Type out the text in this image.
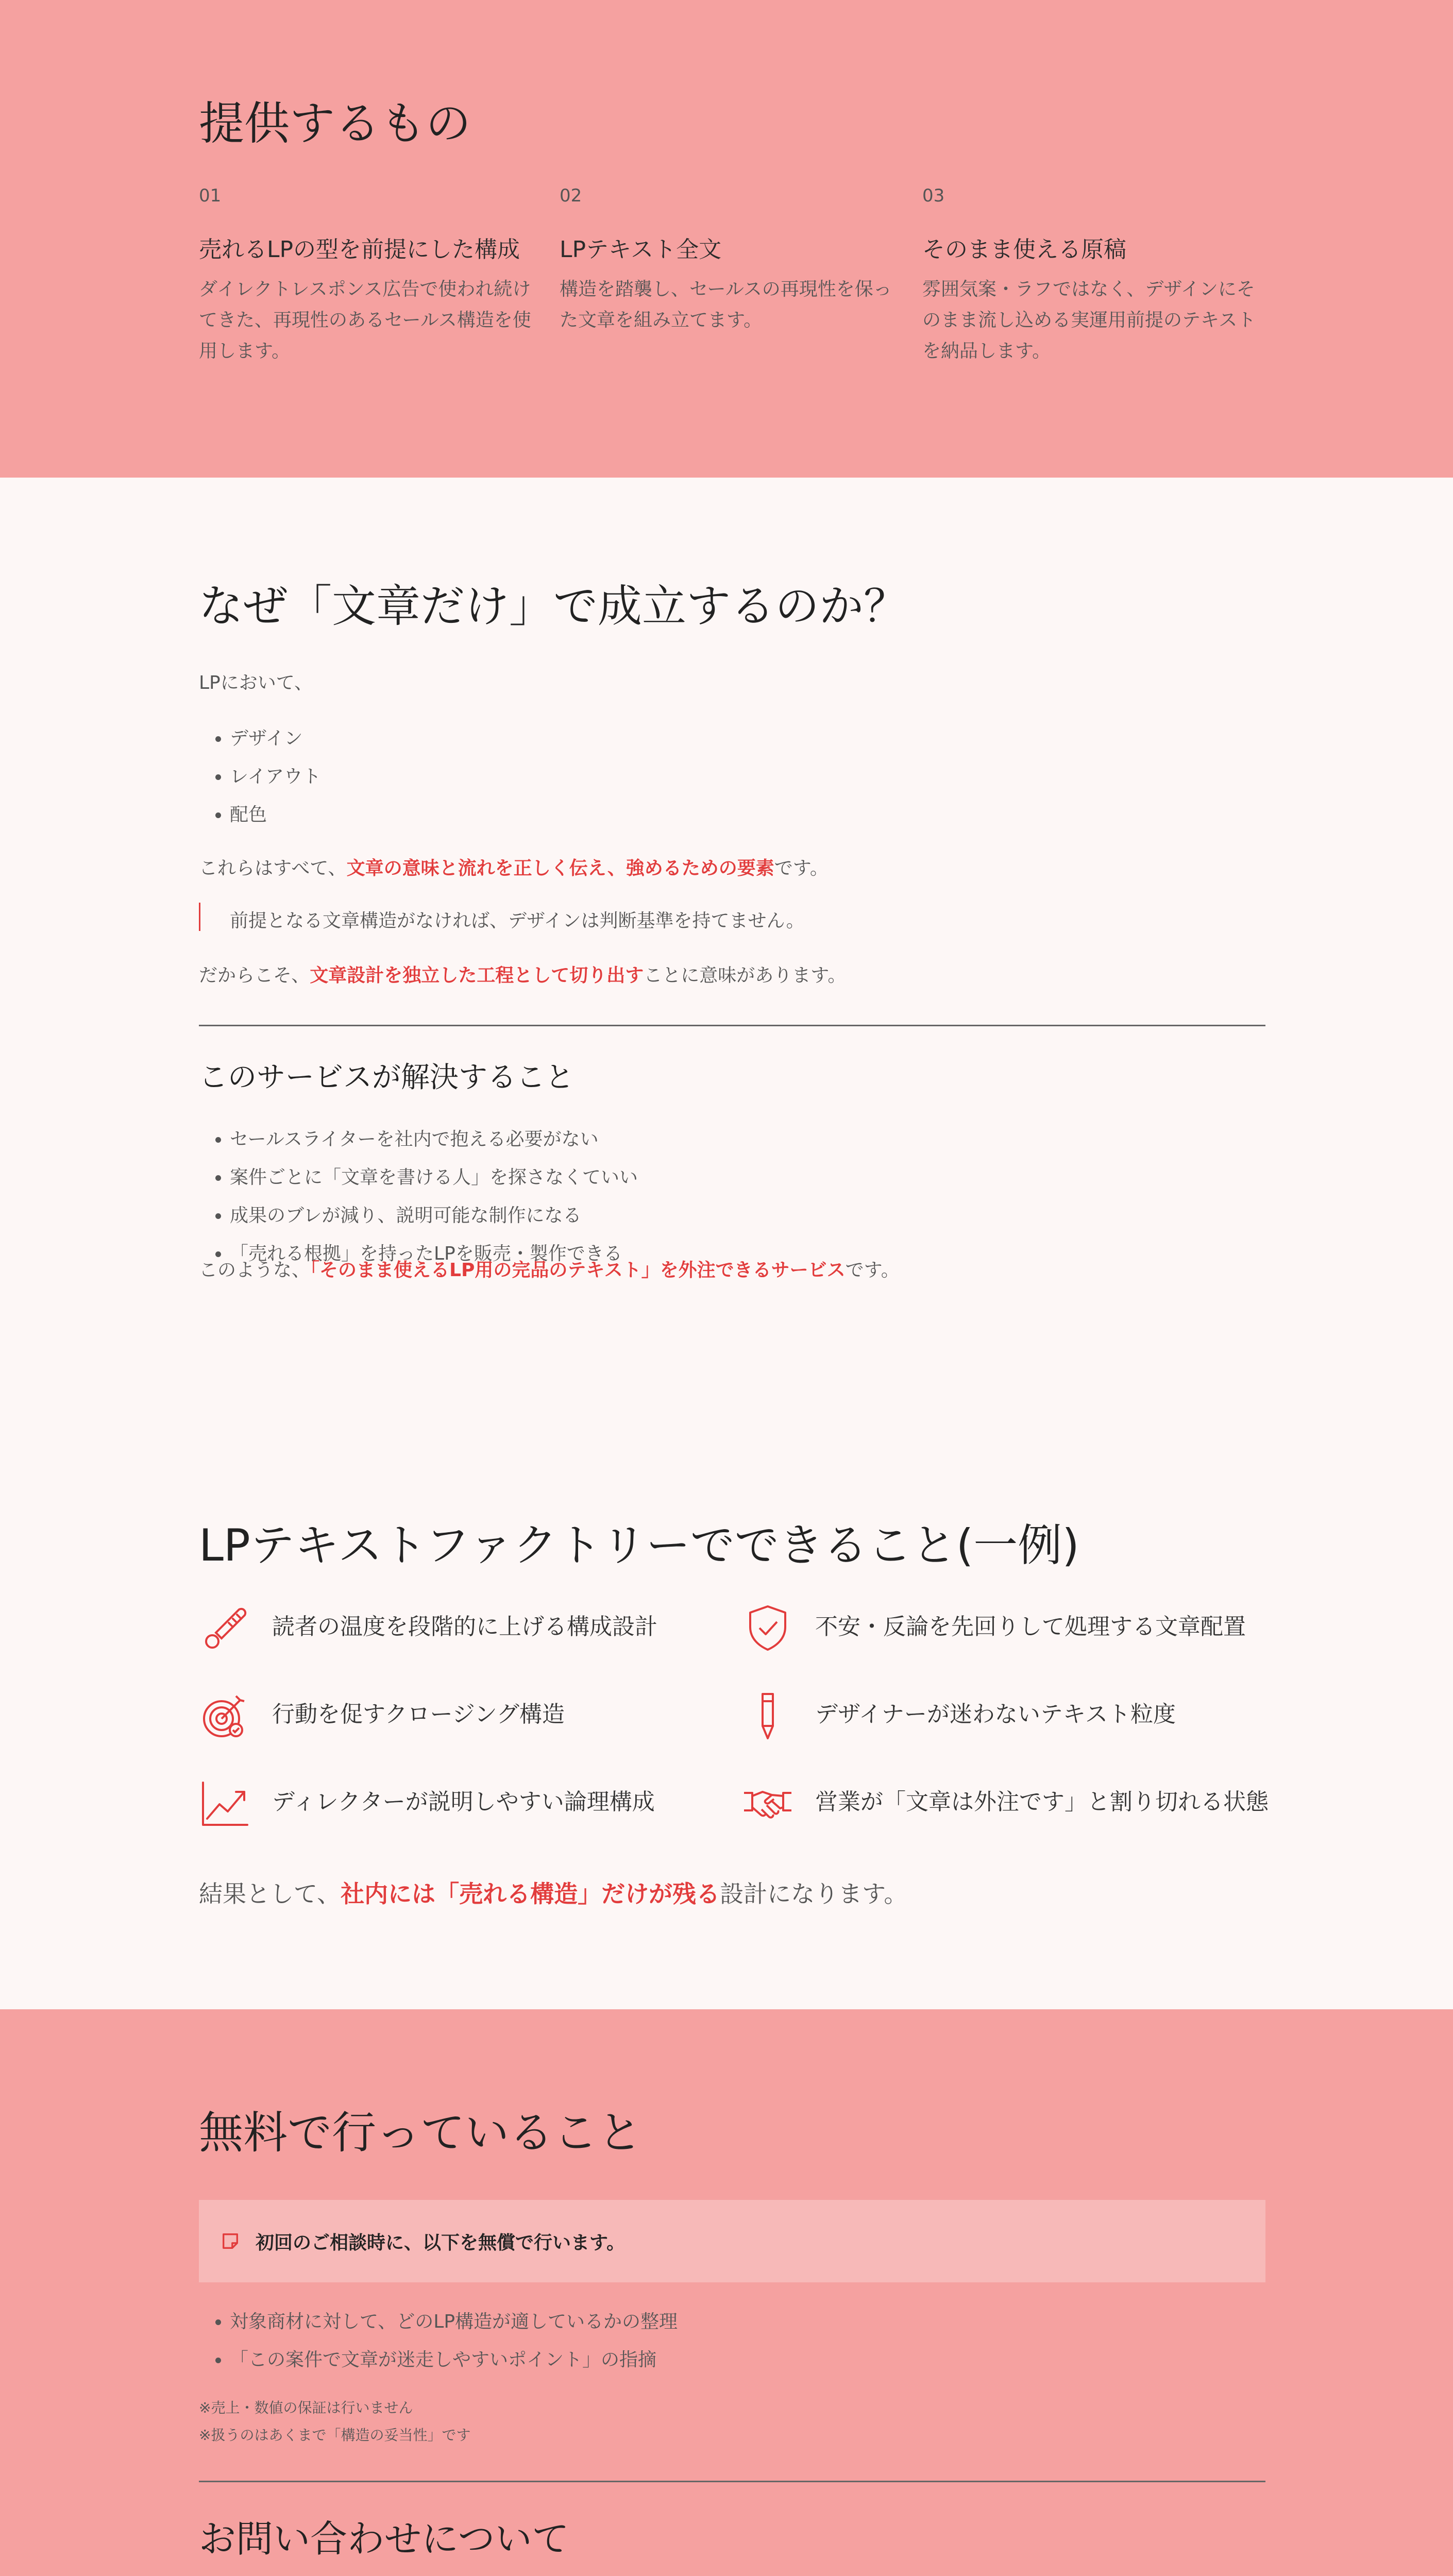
提供するもの
01
売れるLPの型を前提にした構成
ダイレクトレスポンス広告で使われ続けてきた、再現性のあるセールス構造を使用します。
02
LPテキスト全文
構造を踏襲し、セールスの再現性を保った文章を組み立てます。
03
そのまま使える原稿
雰囲気案・ラフではなく、デザインにそのまま流し込める実運用前提のテキストを納品します。
なぜ「文章だけ」で成立するのか？

LPにおいて、

• デザイン
• レイアウト
• 配色

これらはすべて、文章の意味と流れを正しく伝え、強めるための要素です。

前提となる文章構造がなければ、デザインは判断基準を持てません。

だからこそ、文章設計を独立した工程として切り出すことに意味があります。

このサービスが解決すること
• セールスライターを社内で抱える必要がない
• 案件ごとに「文章を書ける人」を探さなくていい
• 成果のブレが減り、説明可能な制作になる
• 「売れる根拠」を持ったLPを販売・製作できる

このような、「そのまま使えるLP用の完品のテキスト」を外注できるサービスです。

LPテキストファクトリーでできること(一例)
読者の温度を段階的に上げる構成設計	不安・反論を先回りして処理する文章配置
行動を促すクロージング構造	デザイナーが迷わないテキスト粒度
ディレクターが説明しやすい論理構成	営業が「文章は外注です」と割り切れる状態

結果として、社内には「売れる構造」だけが残る設計になります。

無料で行っていること
初回のご相談時に、以下を無償で行います。
• 対象商材に対して、どのLP構造が適しているかの整理
• 「この案件で文章が迷走しやすいポイント」の指摘

※売上・数値の保証は行いません

※扱うのはあくまで「構造の妥当性」です

お問い合わせについて
